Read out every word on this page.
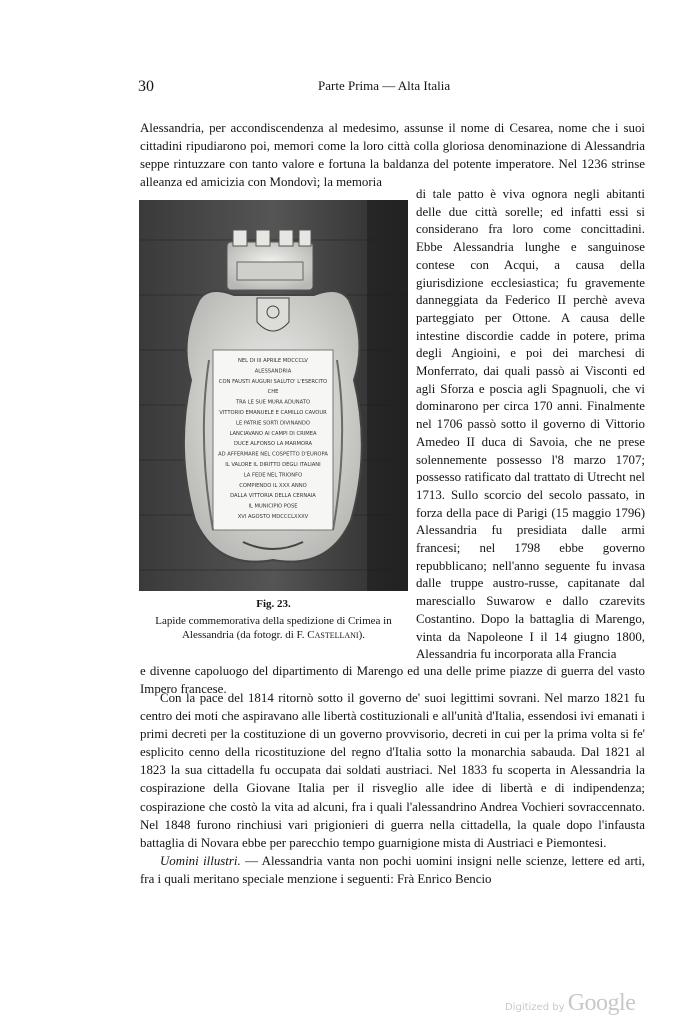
30	Parte Prima — Alta Italia

Alessandria, per accondiscendenza al medesimo, assunse il nome di Cesarea, nome che i suoi cittadini ripudiarono poi, memori come la loro città colla gloriosa denominazione di Alessandria seppe rintuzzare con tanto valore e fortuna la baldanza del potente imperatore. Nel 1236 strinse alleanza ed amicizia con Mondovì; la memoria

di tale patto è viva ognora negli abitanti delle due città sorelle; ed infatti essi si considerano fra loro come concittadini. Ebbe Alessandria lunghe e sanguinose contese con Acqui, a causa della giurisdizione ecclesiastica; fu gravemente danneggiata da Federico II perchè aveva parteggiato per Ottone. A causa delle intestine discordie cadde in potere, prima degli Angioini, e poi dei marchesi di Monferrato, dai quali passò ai Visconti ed agli Sforza e poscia agli Spagnuoli, che vi dominarono per circa 170 anni. Finalmente nel 1706 passò sotto il governo di Vittorio Amedeo II duca di Savoia, che ne prese solennemente possesso l'8 marzo 1707; possesso ratificato dal trattato di Utrecht nel 1713. Sullo scorcio del secolo passato, in forza della pace di Parigi (15 maggio 1796) Alessandria fu presidiata dalle armi francesi; nel 1798 ebbe governo repubblicano; nell'anno seguente fu invasa dalle truppe austro-russe, capitanate dal maresciallo Suwarow e dallo czarevits Costantino. Dopo la battaglia di Marengo, vinta da Napoleone I il 14 giugno 1800, Alessandria fu incorporata alla Francia

NEL DI III APRILE MDCCCLV
ALESSANDRIA
CON FAUSTI AUGURI SALUTO' L'ESERCITO
CHE
TRA LE SUE MURA ADUNATO
VITTORIO EMANUELE E CAMILLO CAVOUR
LE PATRIE SORTI DIVINANDO
LANCIAVANO AI CAMPI DI CRIMEA
DUCE ALFONSO LA MARMORA
AD AFFERMARE NEL COSPETTO D'EUROPA
IL VALORE IL DIRITTO DEGLI ITALIANI
LA FEDE NEL TRIONFO
COMPIENDO IL XXX ANNO
DALLA VITTORIA DELLA CERNAIA
IL MUNICIPIO POSE
XVI AGOSTO MDCCCLXXXV
Fig. 23.
Lapide commemorativa della spedizione di Crimea in Alessandria (da fotogr. di F. Castellani).

e divenne capoluogo del dipartimento di Marengo ed una delle prime piazze di guerra del vasto Impero francese.

Con la pace del 1814 ritornò sotto il governo de' suoi legittimi sovrani. Nel marzo 1821 fu centro dei moti che aspiravano alle libertà costituzionali e all'unità d'Italia, essendosi ivi emanati i primi decreti per la costituzione di un governo provvisorio, decreti in cui per la prima volta si fe' esplicito cenno della ricostituzione del regno d'Italia sotto la monarchia sabauda. Dal 1821 al 1823 la sua cittadella fu occupata dai soldati austriaci. Nel 1833 fu scoperta in Alessandria la cospirazione della Giovane Italia per il risveglio alle idee di libertà e di indipendenza; cospirazione che costò la vita ad alcuni, fra i quali l'alessandrino Andrea Vochieri sovraccennato. Nel 1848 furono rinchiusi vari prigionieri di guerra nella cittadella, la quale dopo l'infausta battaglia di Novara ebbe per parecchio tempo guarnigione mista di Austriaci e Piemontesi.

Uomini illustri. — Alessandria vanta non pochi uomini insigni nelle scienze, lettere ed arti, fra i quali meritano speciale menzione i seguenti: Frà Enrico Bencio

Digitized by Google
